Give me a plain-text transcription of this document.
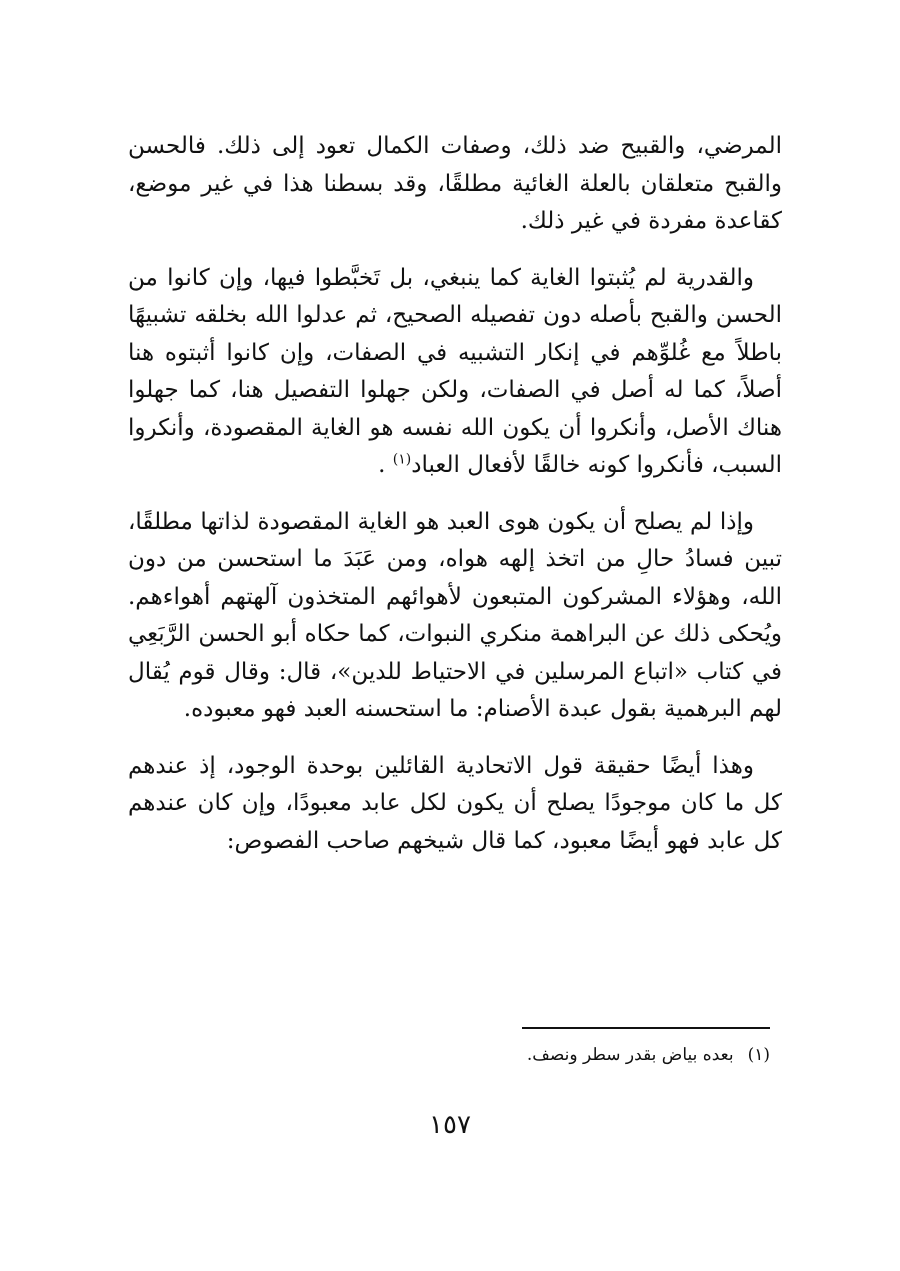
المرضي، والقبيح ضد ذلك، وصفات الكمال تعود إلى ذلك. فالحسن والقبح متعلقان بالعلة الغائية مطلقًا، وقد بسطنا هذا في غير موضع، كقاعدة مفردة في غير ذلك.

والقدرية لم يُثبتوا الغاية كما ينبغي، بل تَخبَّطوا فيها، وإن كانوا من الحسن والقبح بأصله دون تفصيله الصحيح، ثم عدلوا الله بخلقه تشبيهًا باطلاً مع غُلوِّهم في إنكار التشبيه في الصفات، وإن كانوا أثبتوه هنا أصلاً، كما له أصل في الصفات، ولكن جهلوا التفصيل هنا، كما جهلوا هناك الأصل، وأنكروا أن يكون الله نفسه هو الغاية المقصودة، وأنكروا السبب، فأنكروا كونه خالقًا لأفعال العباد$^{(١)}$ .

وإذا لم يصلح أن يكون هوى العبد هو الغاية المقصودة لذاتها مطلقًا، تبين فسادُ حالِ من اتخذ إلهه هواه، ومن عَبَدَ ما استحسن من دون الله، وهؤلاء المشركون المتبعون لأهوائهم المتخذون آلهتهم أهواءهم. ويُحكى ذلك عن البراهمة منكري النبوات، كما حكاه أبو الحسن الرَّبَعِي في كتاب «اتباع المرسلين في الاحتياط للدين»، قال: وقال قوم يُقال لهم البرهمية بقول عبدة الأصنام: ما استحسنه العبد فهو معبوده.

وهذا أيضًا حقيقة قول الاتحادية القائلين بوحدة الوجود، إذ عندهم كل ما كان موجودًا يصلح أن يكون لكل عابد معبودًا، وإن كان عندهم كل عابد فهو أيضًا معبود، كما قال شيخهم صاحب الفصوص:

(١)بعده بياض بقدر سطر ونصف.
١٥٧
